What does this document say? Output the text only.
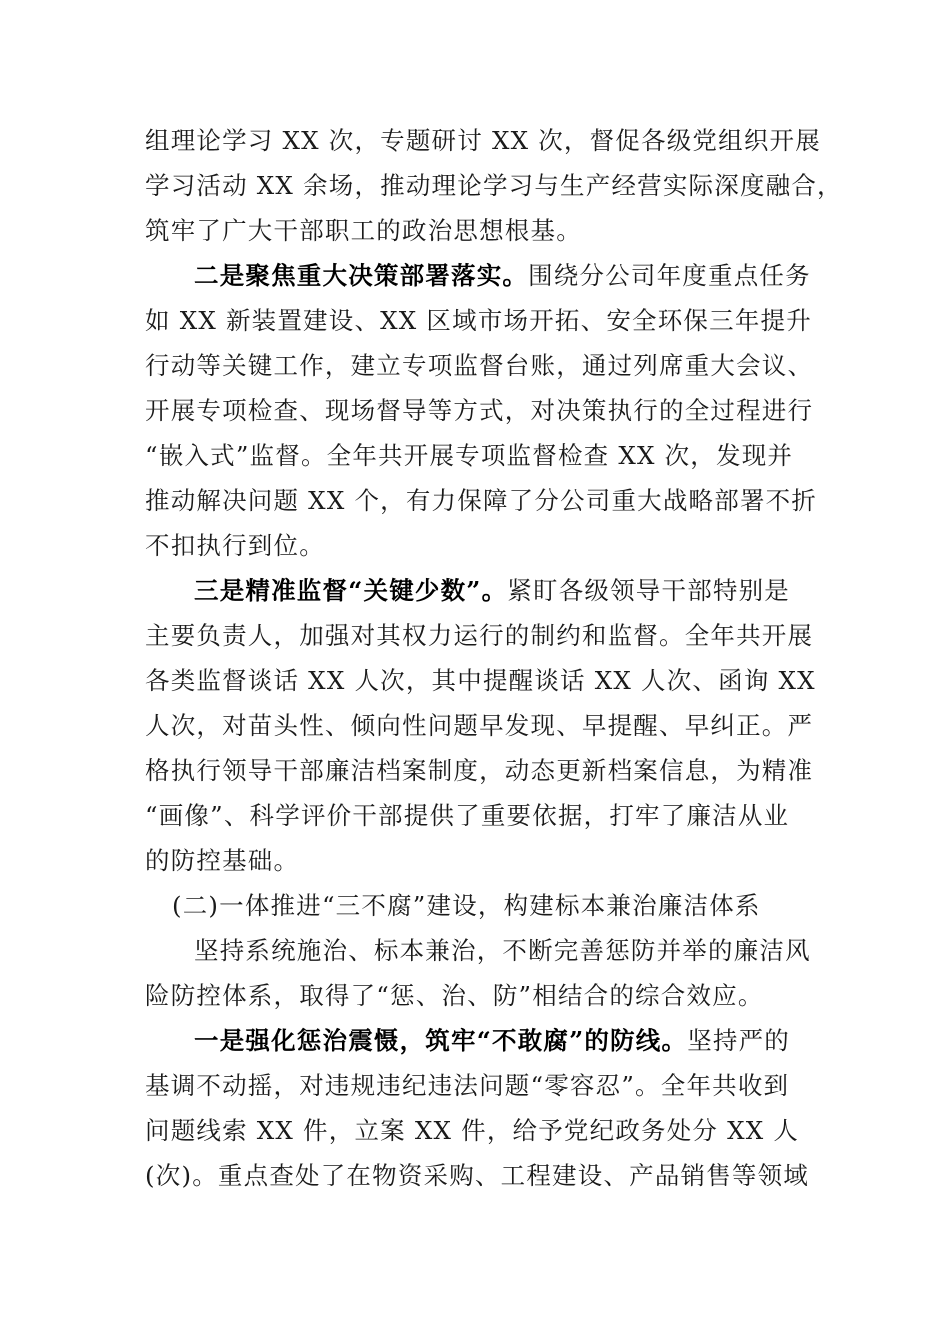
组理论学习 XX 次，专题研讨 XX 次，督促各级党组织开展
学习活动 XX 余场，推动理论学习与生产经营实际深度融合，
筑牢了广大干部职工的政治思想根基。
二是聚焦重大决策部署落实。围绕分公司年度重点任务
如 XX 新装置建设、XX 区域市场开拓、安全环保三年提升
行动等关键工作，建立专项监督台账，通过列席重大会议、
开展专项检查、现场督导等方式，对决策执行的全过程进行
“嵌入式”监督。全年共开展专项监督检查 XX 次，发现并
推动解决问题 XX 个，有力保障了分公司重大战略部署不折
不扣执行到位。
三是精准监督“关键少数”。紧盯各级领导干部特别是
主要负责人，加强对其权力运行的制约和监督。全年共开展
各类监督谈话 XX 人次，其中提醒谈话 XX 人次、函询 XX
人次，对苗头性、倾向性问题早发现、早提醒、早纠正。严
格执行领导干部廉洁档案制度，动态更新档案信息，为精准
“画像”、科学评价干部提供了重要依据，打牢了廉洁从业
的防控基础。
(二)一体推进“三不腐”建设，构建标本兼治廉洁体系
坚持系统施治、标本兼治，不断完善惩防并举的廉洁风
险防控体系，取得了“惩、治、防”相结合的综合效应。
一是强化惩治震慑，筑牢“不敢腐”的防线。坚持严的
基调不动摇，对违规违纪违法问题“零容忍”。全年共收到
问题线索 XX 件，立案 XX 件，给予党纪政务处分 XX 人
(次)。重点查处了在物资采购、工程建设、产品销售等领域
